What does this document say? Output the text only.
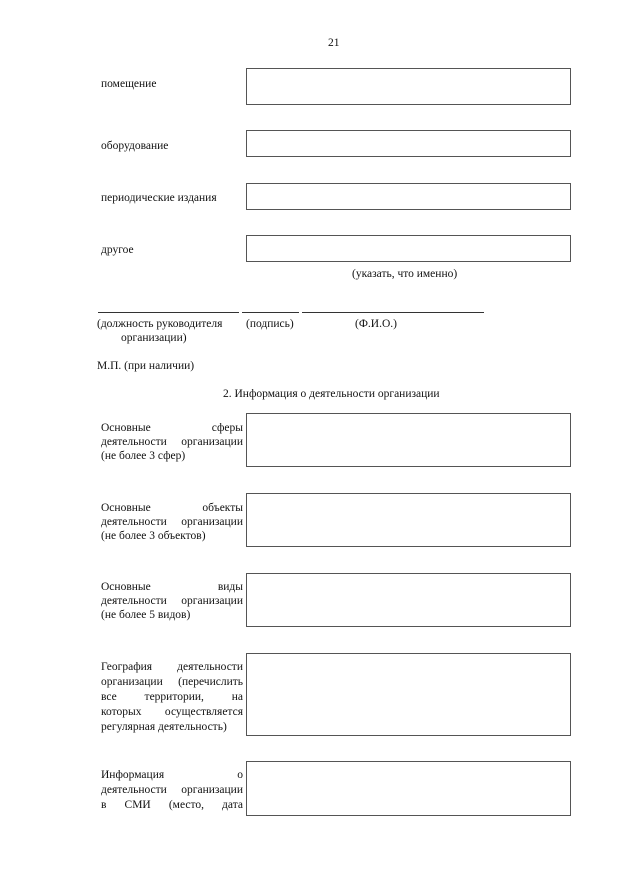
21
помещение
оборудование
периодические издания
другое
(указать, что именно)
(должность руководителя
организации)
(подпись)	(Ф.И.О.)
М.П. (при наличии)
2. Информация о деятельности организации
Основные сферы
деятельности организации
(не более 3 сфер)
Основные объекты
деятельности организации
(не более 3 объектов)
Основные виды
деятельности организации
(не более 5 видов)
География деятельности
организации (перечислить
все территории, на
которых осуществляется
регулярная деятельность)
Информация о
деятельности организации
в СМИ (место, дата
